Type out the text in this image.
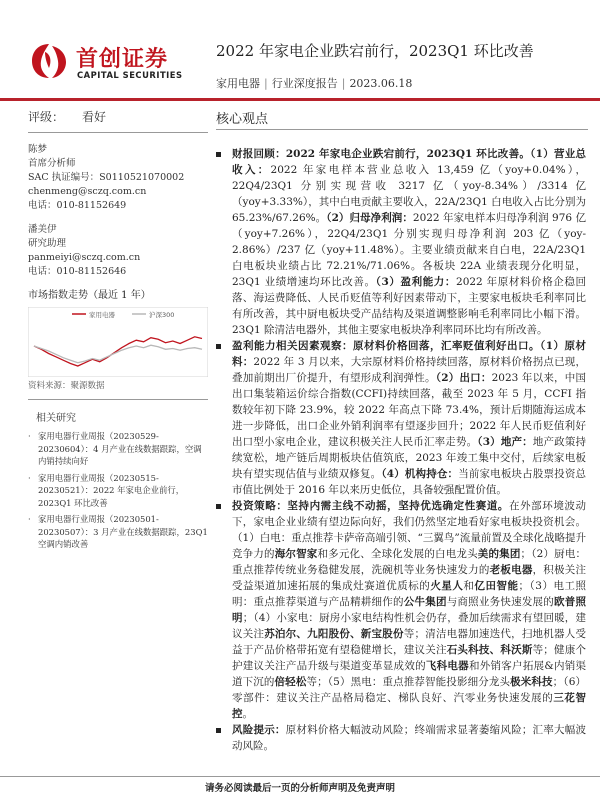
首创证券
CAPITAL SECURITIES
2022 年家电企业跌宕前行，2023Q1 环比改善
家用电器 | 行业深度报告 | 2023.06.18
评级： 看好
陈梦
首席分析师
SAC 执证编号：S0110521070002
chenmeng@sczq.com.cn
电话：010-81152649
潘美伊
研究助理
panmeiyi@sczq.com.cn
电话：010-81152646
市场指数走势（最近 1 年）
家用电器	沪深300
资料来源：聚源数据
相关研究
· 家用电器行业周报（20230529-20230604）：4 月产业在线数据跟踪，空调内销持续向好
· 家用电器行业周报（20230515-20230521）：2022 年家电企业前行，2023Q1 环比改善
· 家用电器行业周报（20230501-20230507）：3 月产业在线数据跟踪，23Q1 空调内销改善
核心观点
财报回顾：2022 年家电企业跌宕前行，2023Q1 环比改善。（1）营业总收入：2022 年家电样本营业总收入 13,459 亿（yoy+0.04%），22Q4/23Q1 分别实现营收 3217 亿（yoy-8.34%）/3314 亿（yoy+3.33%），其中白电贡献主要收入，22A/23Q1 白电收入占比分别为 65.23%/67.26%。（2）归母净利润：2022 年家电样本归母净利润 976 亿（yoy+7.26%），22Q4/23Q1 分别实现归母净利润 203 亿（yoy-2.86%）/237 亿（yoy+11.48%）。主要业绩贡献来自白电，22A/23Q1 白电板块业绩占比 72.21%/71.06%。各板块 22A 业绩表现分化明显，23Q1 业绩增速均环比改善。（3）盈利能力：2022 年原材料价格企稳回落、海运费降低、人民币贬值等利好因素带动下，主要家电板块毛利率同比有所改善，其中厨电板块受产品结构及渠道调整影响毛利率同比小幅下滑。23Q1 除清洁电器外，其他主要家电板块净利率同环比均有所改善。
盈利能力相关因素观察：原材料价格回落，汇率贬值利好出口。（1）原材料：2022 年 3 月以来，大宗原材料价格持续回落，原材料价格拐点已现，叠加前期出厂价提升，有望形成利润弹性。（2）出口：2023 年以来，中国出口集装箱运价综合指数(CCFI)持续回落，截至 2023 年 5 月，CCFI 指数较年初下降 23.9%，较 2022 年高点下降 73.4%，预计后期随海运成本进一步降低，出口企业外销利润率有望逐步回升；2022 年人民币贬值利好出口型小家电企业，建议积极关注人民币汇率走势。（3）地产：地产政策持续宽松，地产链后周期板块估值筑底，2023 年竣工集中交付，后续家电板块有望实现估值与业绩双修复。（4）机构持仓：当前家电板块占股票投资总市值比例处于 2016 年以来历史低位，具备较强配置价值。
投资策略：坚持内需主线不动摇，坚持优选确定性赛道。在外部环境波动下，家电企业业绩有望边际向好，我们仍然坚定地看好家电板块投资机会。（1）白电：重点推荐卡萨帝高端引领、“三翼鸟”流量前置及全球化战略提升竞争力的海尔智家和多元化、全球化发展的白电龙头美的集团；（2）厨电：重点推荐传统业务稳健发展，洗碗机等业务快速发力的老板电器，积极关注受益渠道加速拓展的集成灶赛道优质标的火星人和亿田智能；（3）电工照明：重点推荐渠道与产品精耕细作的公牛集团与商照业务快速发展的欧普照明；（4）小家电：厨房小家电结构性机会仍存，叠加后续需求有望回暖，建议关注苏泊尔、九阳股份、新宝股份等；清洁电器加速迭代，扫地机器人受益于产品价格带拓宽有望稳健增长，建议关注石头科技、科沃斯等；健康个护建议关注产品升级与渠道变革显成效的飞科电器和外销客户拓展&内销渠道下沉的倍轻松等；（5）黑电：重点推荐智能投影细分龙头极米科技；（6）零部件：建议关注产品格局稳定、梯队良好、汽零业务快速发展的三花智控。
风险提示：原材料价格大幅波动风险；终端需求显著萎缩风险；汇率大幅波动风险。
请务必阅读最后一页的分析师声明及免责声明
